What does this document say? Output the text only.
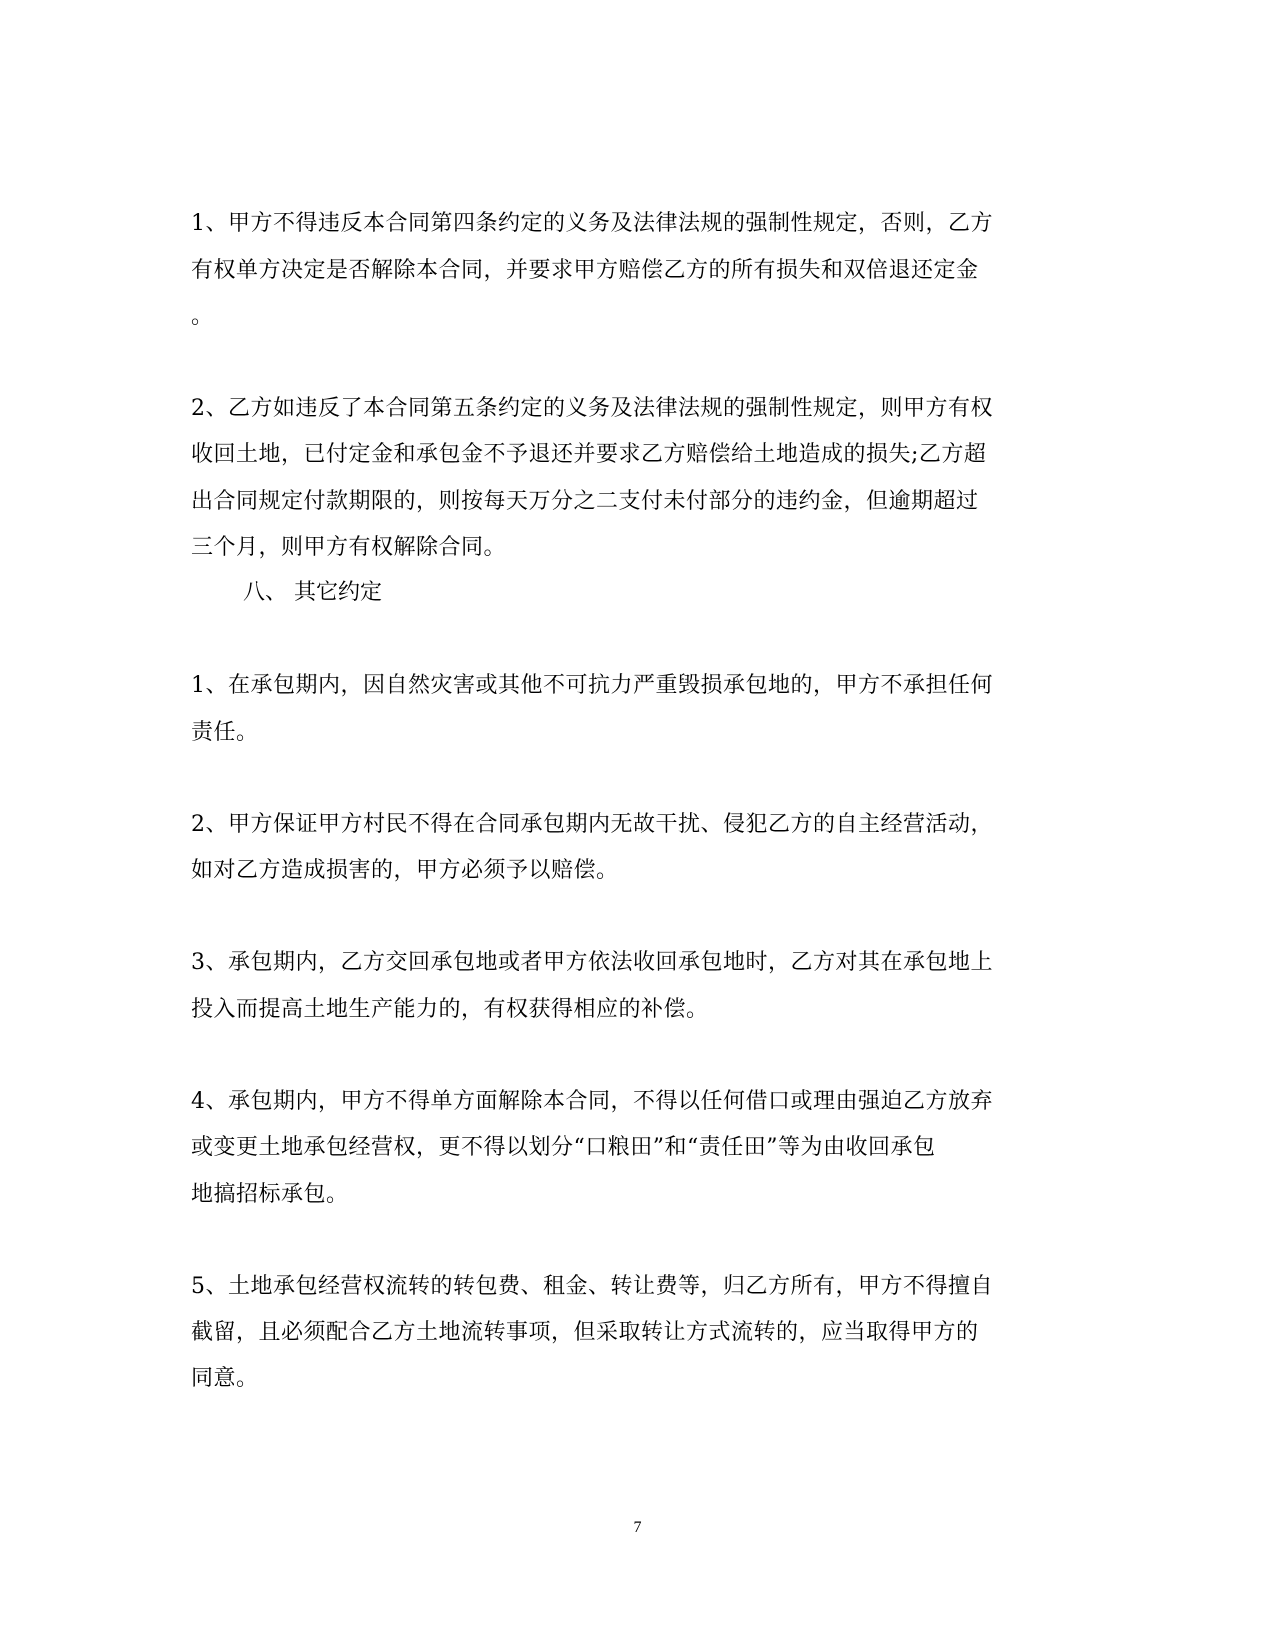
1、甲方不得违反本合同第四条约定的义务及法律法规的强制性规定，否则，乙方
有权单方决定是否解除本合同，并要求甲方赔偿乙方的所有损失和双倍退还定金
。
2、乙方如违反了本合同第五条约定的义务及法律法规的强制性规定，则甲方有权
收回土地，已付定金和承包金不予退还并要求乙方赔偿给土地造成的损失;乙方超
出合同规定付款期限的，则按每天万分之二支付未付部分的违约金，但逾期超过
三个月，则甲方有权解除合同。
八、 其它约定
1、在承包期内，因自然灾害或其他不可抗力严重毁损承包地的，甲方不承担任何
责任。
2、甲方保证甲方村民不得在合同承包期内无故干扰、侵犯乙方的自主经营活动，
如对乙方造成损害的，甲方必须予以赔偿。
3、承包期内，乙方交回承包地或者甲方依法收回承包地时，乙方对其在承包地上
投入而提高土地生产能力的，有权获得相应的补偿。
4、承包期内，甲方不得单方面解除本合同，不得以任何借口或理由强迫乙方放弃
或变更土地承包经营权，更不得以划分“口粮田”和“责任田”等为由收回承包
地搞招标承包。
5、土地承包经营权流转的转包费、租金、转让费等，归乙方所有，甲方不得擅自
截留，且必须配合乙方土地流转事项，但采取转让方式流转的，应当取得甲方的
同意。
7
